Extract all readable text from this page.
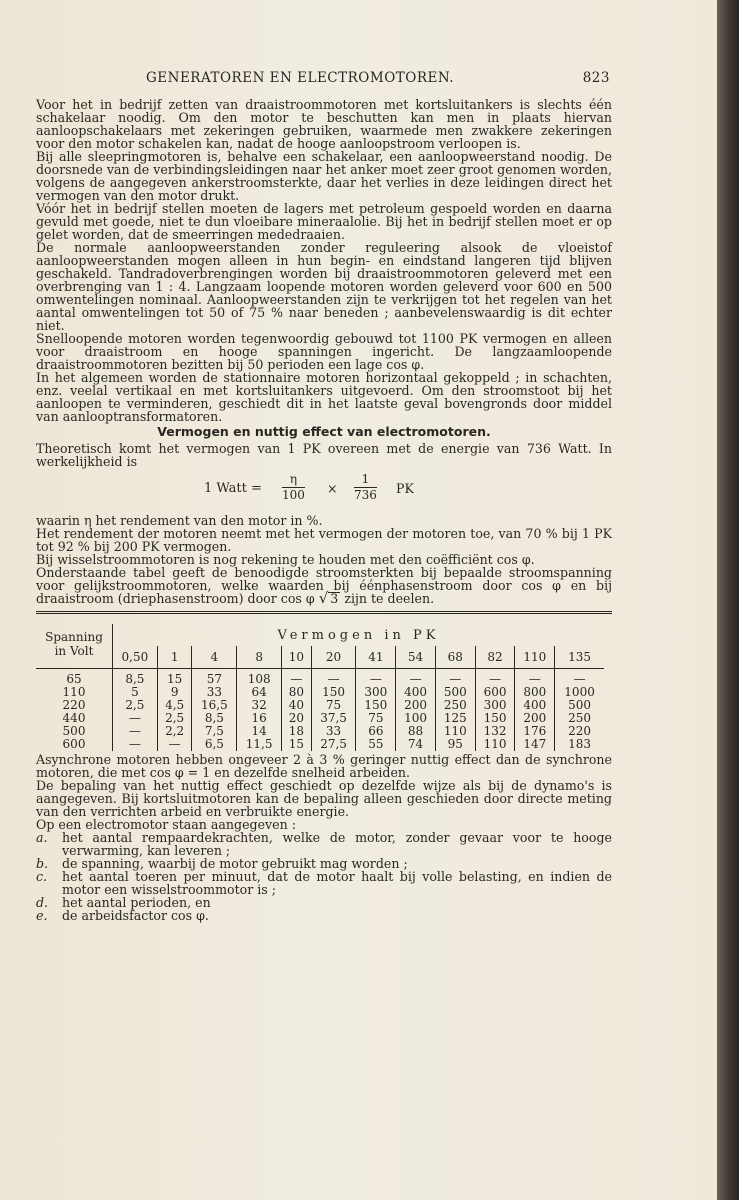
GENERATOREN EN ELECTROMOTOREN.	823

Voor het in bedrijf zetten van draaistroommotoren met kortsluitankers is slechts één schakelaar noodig. Om den motor te beschutten kan men in plaats hiervan aanloopschakelaars met zekeringen gebruiken, waarmede men zwakkere zekeringen voor den motor schakelen kan, nadat de hooge aanloopstroom verloopen is.

Bij alle sleepringmotoren is, behalve een schakelaar, een aanloopweerstand noodig. De doorsnede van de verbindingsleidingen naar het anker moet zeer groot genomen worden, volgens de aangegeven ankerstroomsterkte, daar het verlies in deze leidingen direct het vermogen van den motor drukt.

Vóór het in bedrijf stellen moeten de lagers met petroleum gespoeld worden en daarna gevuld met goede, niet te dun vloeibare mineraalolie. Bij het in bedrijf stellen moet er op gelet worden, dat de smeerringen mededraaien.

De normale aanloopweerstanden zonder reguleering alsook de vloeistof aanloopweerstanden mogen alleen in hun begin- en eindstand langeren tijd blijven geschakeld. Tandradoverbrengingen worden bij draaistroommotoren geleverd met een overbrenging van 1 : 4. Langzaam loopende motoren worden geleverd voor 600 en 500 omwentelingen nominaal. Aanloopweerstanden zijn te verkrijgen tot het regelen van het aantal omwentelingen tot 50 of 75 % naar beneden ; aanbevelenswaardig is dit echter niet.

Snelloopende motoren worden tegenwoordig gebouwd tot 1100 PK vermogen en alleen voor draaistroom en hooge spanningen ingericht. De langzaamloopende draaistroommotoren bezitten bij 50 perioden een lage cos φ.

In het algemeen worden de stationnaire motoren horizontaal gekoppeld ; in schachten, enz. veelal vertikaal en met kortsluitankers uitgevoerd. Om den stroomstoot bij het aanloopen te verminderen, geschiedt dit in het laatste geval bovengronds door middel van aanlooptransformatoren.

Vermogen en nuttig effect van electromotoren.

Theoretisch komt het vermogen van 1 PK overeen met de energie van 736 Watt. In werkelijkheid is

1 Watt = $\frac{\eta}{100} \times \frac{1}{736}$ PK

waarin η het rendement van den motor in %.

Het rendement der motoren neemt met het vermogen der motoren toe, van 70 % bij 1 PK tot 92 % bij 200 PK vermogen.

Bij wisselstroommotoren is nog rekening te houden met den coëfficiënt cos φ.

Onderstaande tabel geeft de benoodigde stroomsterkten bij bepaalde stroomspanning voor gelijkstroommotoren, welke waarden bij éénphasenstroom door cos φ en bij draaistroom (driephasenstroom) door cos φ √ 3 zijn te deelen.

Spanning
in Volt	Vermogen in PK											
	0,50	1	4	8	10	20	41	54	68	82	110	135
65	8,5	15	57	108	—	—	—	—	—	—	—	—
110	5	9	33	64	80	150	300	400	500	600	800	1000
220	2,5	4,5	16,5	32	40	75	150	200	250	300	400	500
440	—	2,5	8,5	16	20	37,5	75	100	125	150	200	250
500	—	2,2	7,5	14	18	33	66	88	110	132	176	220
600	—	—	6,5	11,5	15	27,5	55	74	95	110	147	183

Asynchrone motoren hebben ongeveer 2 à 3 % geringer nuttig effect dan de synchrone motoren, die met cos φ = 1 en dezelfde snelheid arbeiden.

De bepaling van het nuttig effect geschiedt op dezelfde wijze als bij de dynamo's is aangegeven. Bij kortsluitmotoren kan de bepaling alleen geschieden door directe meting van den verrichten arbeid en verbruikte energie.

Op een electromotor staan aangegeven :

a. het aantal rempaardekrachten, welke de motor, zonder gevaar voor te hooge verwarming, kan leveren ;
b. de spanning, waarbij de motor gebruikt mag worden ;
c. het aantal toeren per minuut, dat de motor haalt bij volle belasting, en indien de motor een wisselstroommotor is ;
d. het aantal perioden, en
e. de arbeidsfactor cos φ.
